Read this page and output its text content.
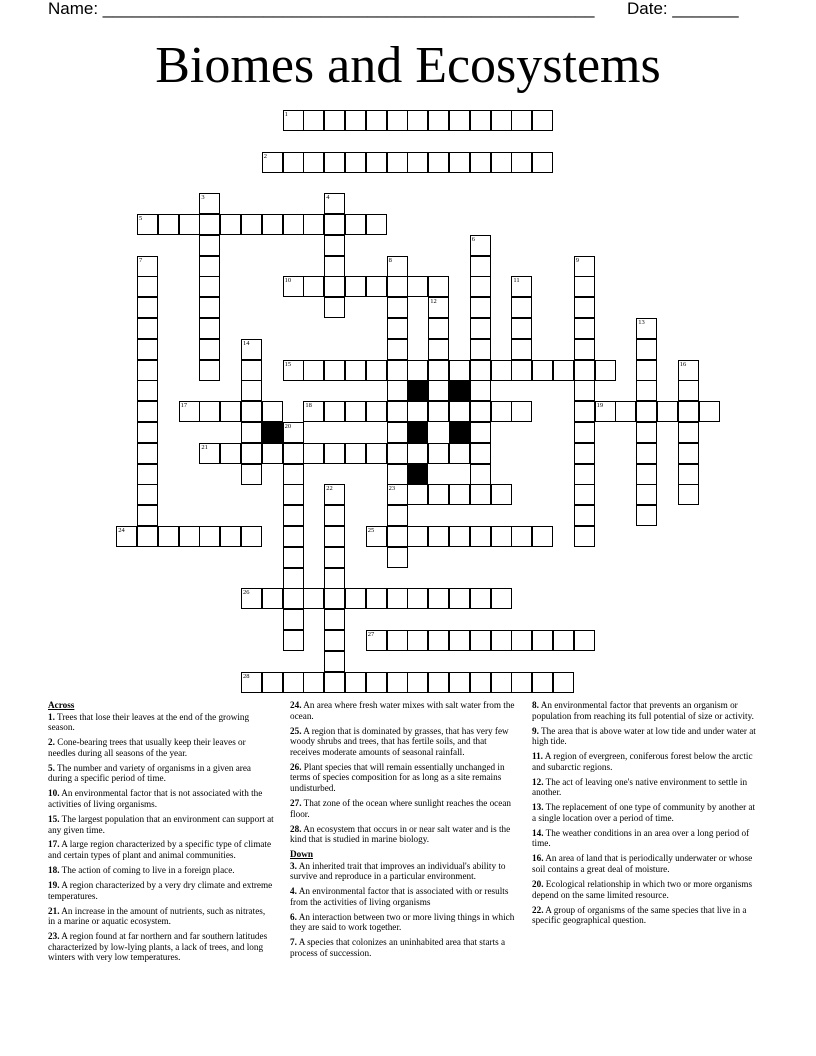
Name: ____________________________________________________ Date: _______
Biomes and Ecosystems
1
2
5
10
15
17	18	19
21
23
24	25
26
27
28
3	4
6
7	8	9
11
12
13
14
16
20
22
Across
1. Trees that lose their leaves at the end of the growing season.
2. Cone-bearing trees that usually keep their leaves or needles during all seasons of the year.
5. The number and variety of organisms in a given area during a specific period of time.
10. An environmental factor that is not associated with the activities of living organisms.
15. The largest population that an environment can support at any given time.
17. A large region characterized by a specific type of climate and certain types of plant and animal communities.
18. The action of coming to live in a foreign place.
19. A region characterized by a very dry climate and extreme temperatures.
21. An increase in the amount of nutrients, such as nitrates, in a marine or aquatic ecosystem.
23. A region found at far northern and far southern latitudes characterized by low-lying plants, a lack of trees, and long winters with very low temperatures.
24. An area where fresh water mixes with salt water from the ocean.
25. A region that is dominated by grasses, that has very few woody shrubs and trees, that has fertile soils, and that receives moderate amounts of seasonal rainfall.
26. Plant species that will remain essentially unchanged in terms of species composition for as long as a site remains undisturbed.
27. That zone of the ocean where sunlight reaches the ocean floor.
28. An ecosystem that occurs in or near salt water and is the kind that is studied in marine biology.
Down
3. An inherited trait that improves an individual's ability to survive and reproduce in a particular environment.
4. An environmental factor that is associated with or results from the activities of living organisms
6. An interaction between two or more living things in which they are said to work together.
7. A species that colonizes an uninhabited area that starts a process of succession.
8. An environmental factor that prevents an organism or population from reaching its full potential of size or activity.
9. The area that is above water at low tide and under water at high tide.
11. A region of evergreen, coniferous forest below the arctic and subarctic regions.
12. The act of leaving one's native environment to settle in another.
13. The replacement of one type of community by another at a single location over a period of time.
14. The weather conditions in an area over a long period of time.
16. An area of land that is periodically underwater or whose soil contains a great deal of moisture.
20. Ecological relationship in which two or more organisms depend on the same limited resource.
22. A group of organisms of the same species that live in a specific geographical question.
